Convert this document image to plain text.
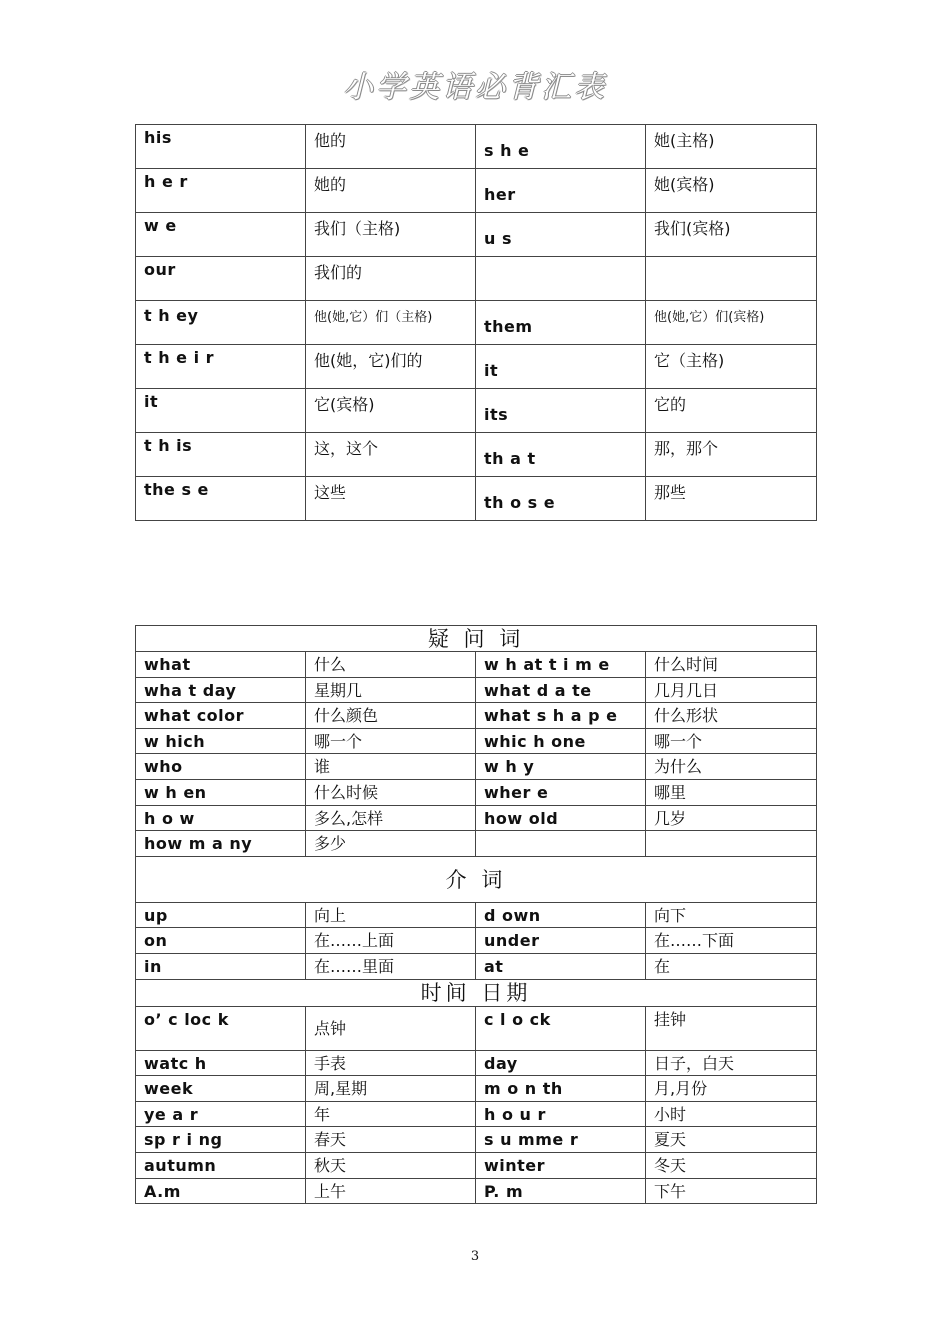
小学英语必背汇表
his	他的	s h e	她(主格)
h e r	她的	her	她(宾格)
w e	我们（主格)	u s	我们(宾格)
our	我们的		
t h ey	他(她,它）们（主格)	them	他(她,它）们(宾格)
t h e i r	他(她，它)们的	it	它（主格)
it	它(宾格)	its	它的
t h is	这，这个	th a t	那，那个
the s e	这些	th o s e	那些
疑 问 词			
what	什么	w h at t i m e	什么时间
wha t day	星期几	what d a te	几月几日
what color	什么颜色	what s h a p e	什么形状
w hich	哪一个	whic h one	哪一个
who	谁	w h y	为什么
w h en	什么时候	wher e	哪里
h o w	多么,怎样	how old	几岁
how m a ny	多少		
介 词			
up	向上	d own	向下
on	在……上面	under	在……下面
in	在……里面	at	在
时间 日期			
o’ c loc k	点钟	c l o ck	挂钟
watc h	手表	day	日子，白天
week	周,星期	m o n th	月,月份
ye a r	年	h o u r	小时
sp r i ng	春天	s u mme r	夏天
autumn	秋天	winter	冬天
A.m	上午	P. m	下午
3
